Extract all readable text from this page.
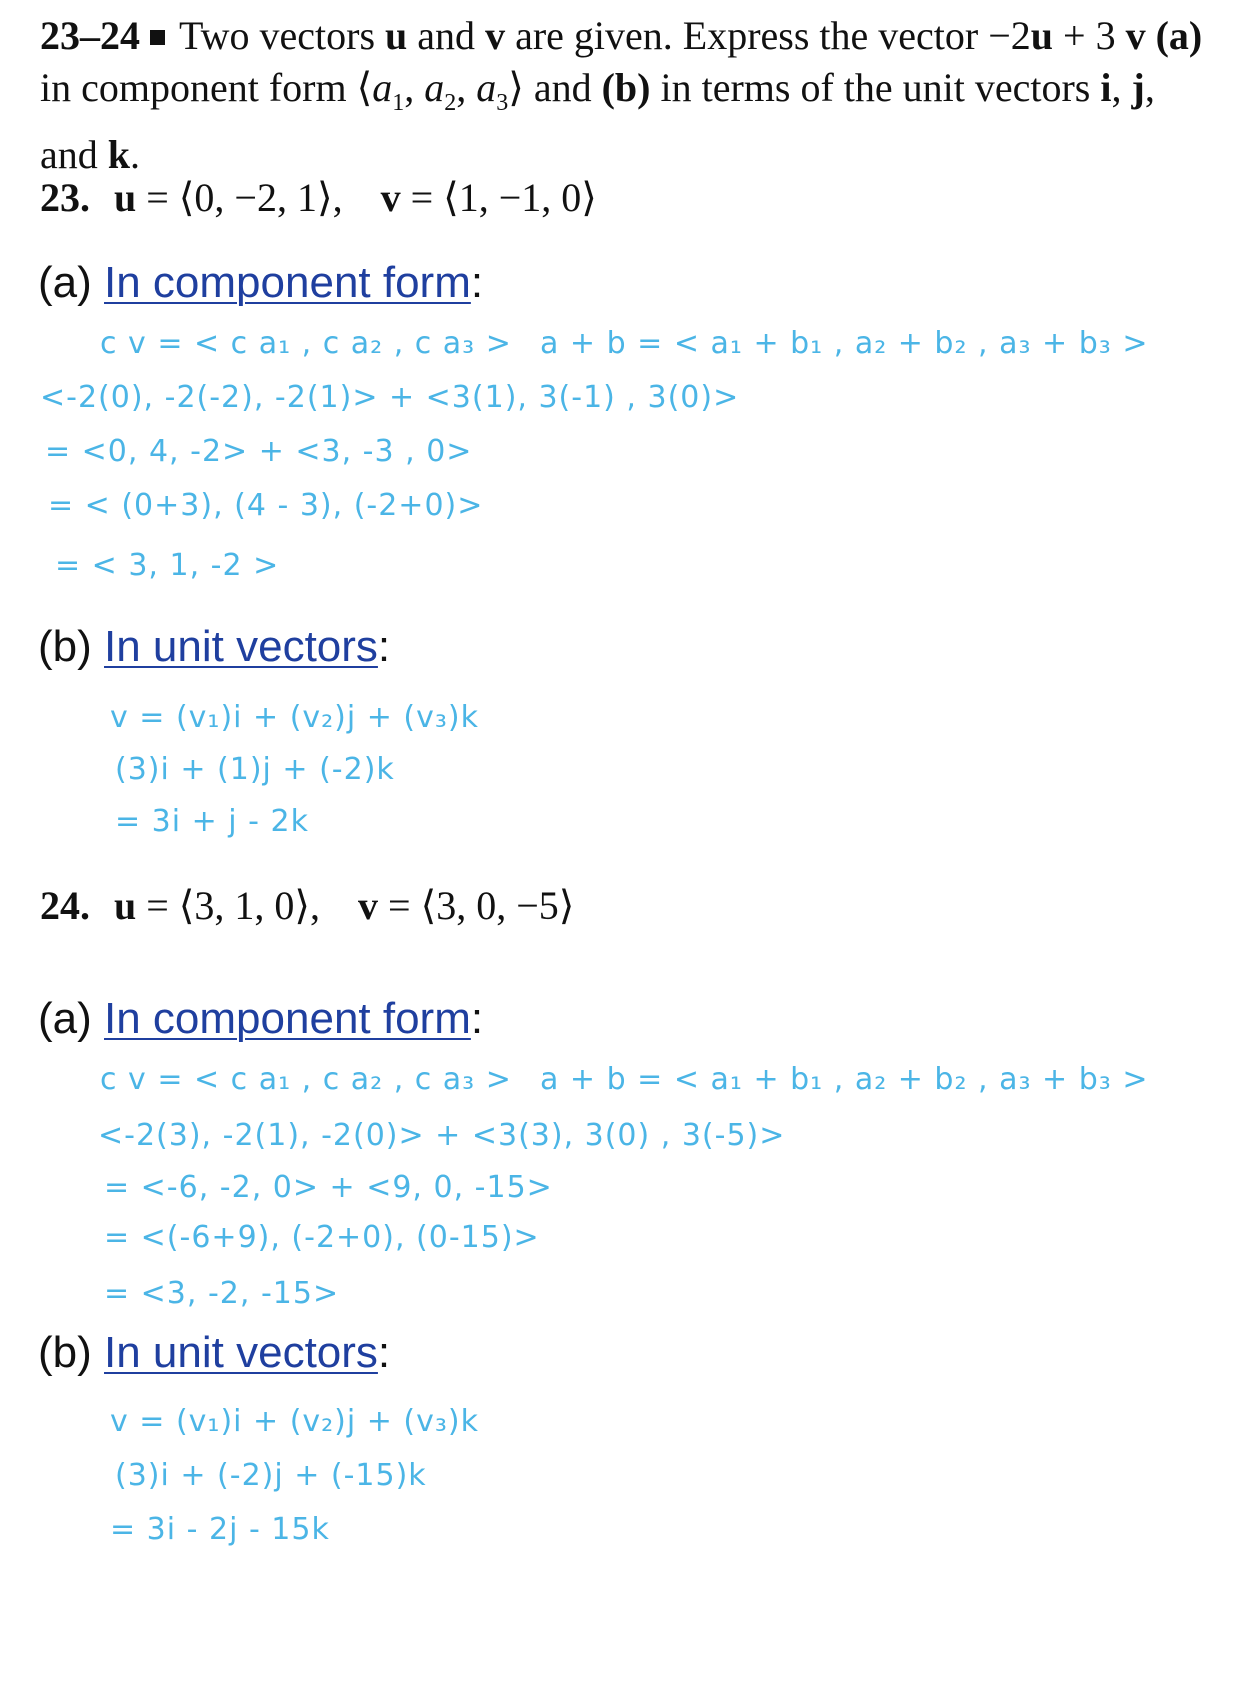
23–24 Two vectors u and v are given. Express the vector −2u + 3 v (a) in component form $⟨a_1$, $a_2$, $a_3⟩$ and (b) in terms of the unit vectors i, j, and k.
23. u = ⟨0, −2, 1⟩, v = ⟨1, −1, 0⟩
(a) In component form:
c v = < c a₁ , c a₂ , c a₃ > a + b = < a₁ + b₁ , a₂ + b₂ , a₃ + b₃ >
<-2(0), -2(-2), -2(1)> + <3(1), 3(-1) , 3(0)>
= <0, 4, -2> + <3, -3 , 0>
= < (0+3), (4 - 3), (-2+0)>
= < 3, 1, -2 >
(b) In unit vectors:
v = (v₁)i + (v₂)j + (v₃)k
(3)i + (1)j + (-2)k
= 3i + j - 2k
24. u = ⟨3, 1, 0⟩, v = ⟨3, 0, −5⟩
(a) In component form:
c v = < c a₁ , c a₂ , c a₃ > a + b = < a₁ + b₁ , a₂ + b₂ , a₃ + b₃ >
<-2(3), -2(1), -2(0)> + <3(3), 3(0) , 3(-5)>
= <-6, -2, 0> + <9, 0, -15>
= <(-6+9), (-2+0), (0-15)>
= <3, -2, -15>
(b) In unit vectors:
v = (v₁)i + (v₂)j + (v₃)k
(3)i + (-2)j + (-15)k
= 3i - 2j - 15k
